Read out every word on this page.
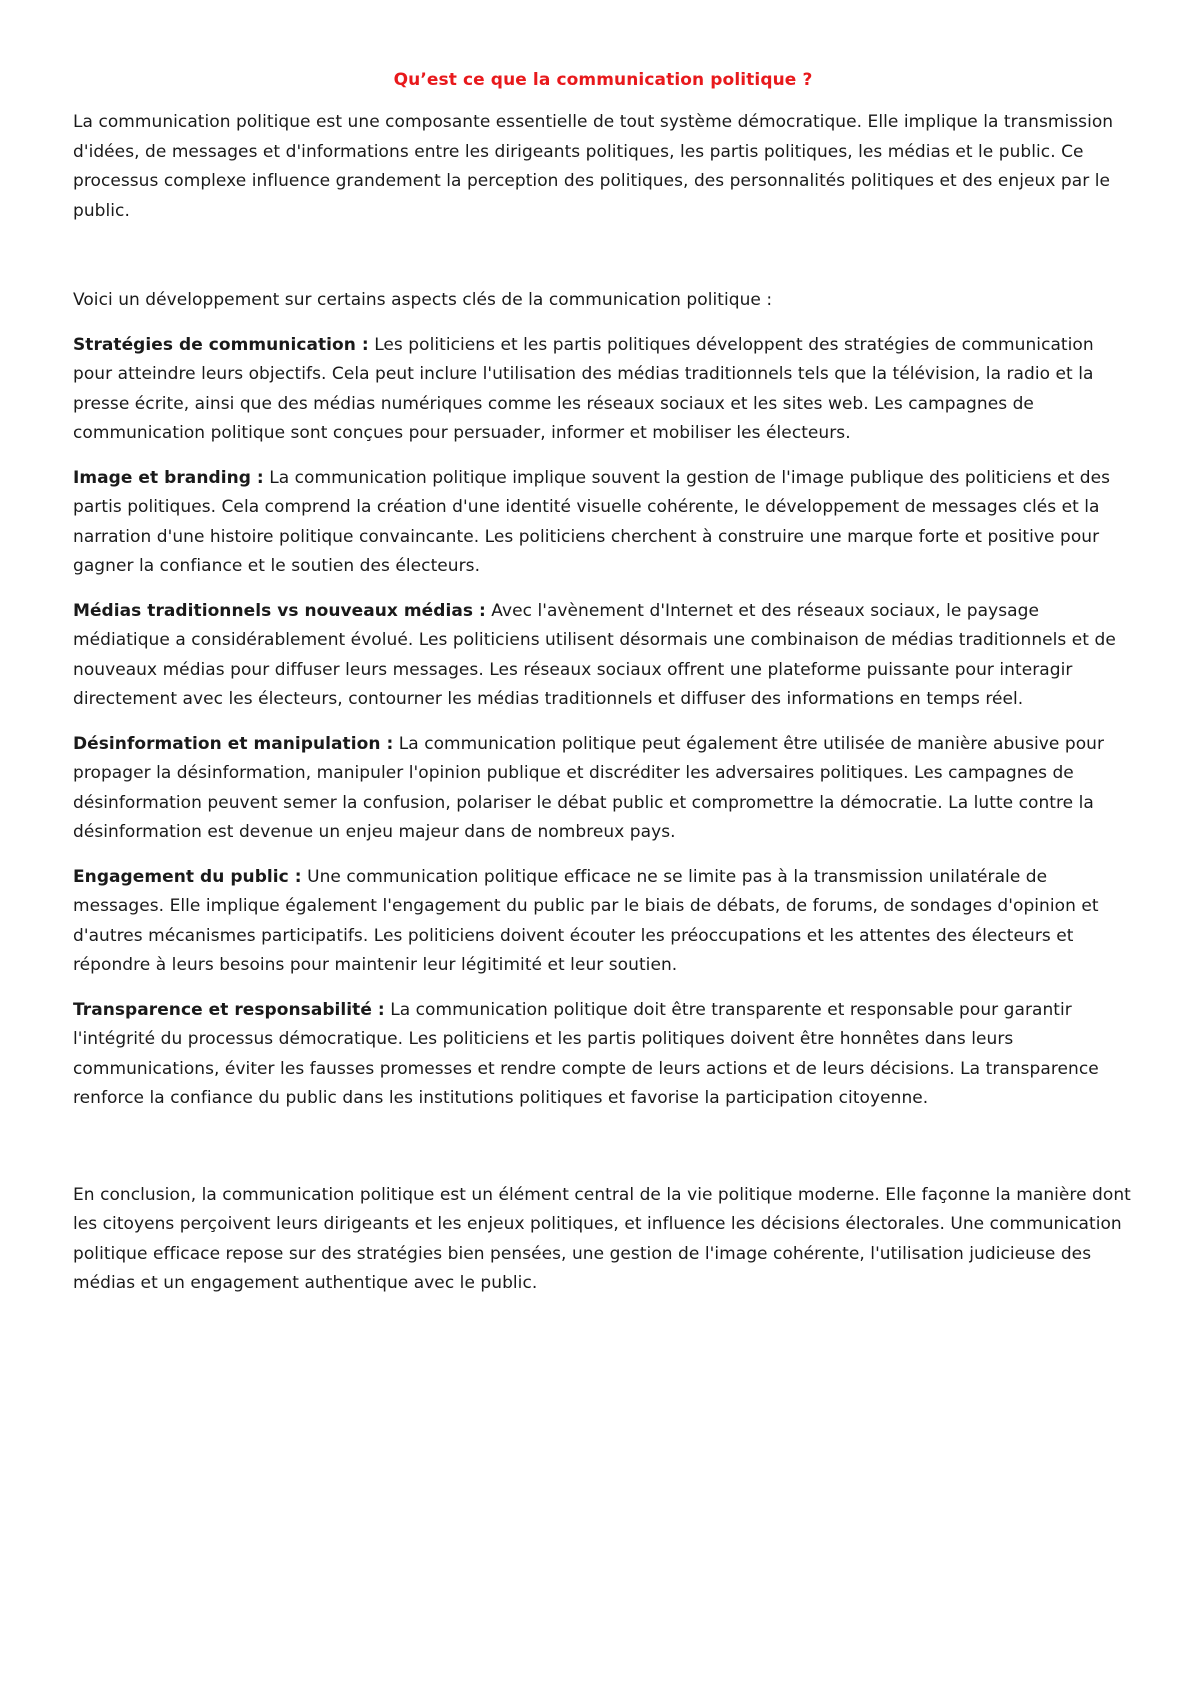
Qu’est ce que la communication politique ?

La communication politique est une composante essentielle de tout système démocratique. Elle implique la transmission d'idées, de messages et d'informations entre les dirigeants politiques, les partis politiques, les médias et le public. Ce processus complexe influence grandement la perception des politiques, des personnalités politiques et des enjeux par le public.

Voici un développement sur certains aspects clés de la communication politique :

Stratégies de communication : Les politiciens et les partis politiques développent des stratégies de communication pour atteindre leurs objectifs. Cela peut inclure l'utilisation des médias traditionnels tels que la télévision, la radio et la presse écrite, ainsi que des médias numériques comme les réseaux sociaux et les sites web. Les campagnes de communication politique sont conçues pour persuader, informer et mobiliser les électeurs.

Image et branding : La communication politique implique souvent la gestion de l'image publique des politiciens et des partis politiques. Cela comprend la création d'une identité visuelle cohérente, le développement de messages clés et la narration d'une histoire politique convaincante. Les politiciens cherchent à construire une marque forte et positive pour gagner la confiance et le soutien des électeurs.

Médias traditionnels vs nouveaux médias : Avec l'avènement d'Internet et des réseaux sociaux, le paysage médiatique a considérablement évolué. Les politiciens utilisent désormais une combinaison de médias traditionnels et de nouveaux médias pour diffuser leurs messages. Les réseaux sociaux offrent une plateforme puissante pour interagir directement avec les électeurs, contourner les médias traditionnels et diffuser des informations en temps réel.

Désinformation et manipulation : La communication politique peut également être utilisée de manière abusive pour propager la désinformation, manipuler l'opinion publique et discréditer les adversaires politiques. Les campagnes de désinformation peuvent semer la confusion, polariser le débat public et compromettre la démocratie. La lutte contre la désinformation est devenue un enjeu majeur dans de nombreux pays.

Engagement du public : Une communication politique efficace ne se limite pas à la transmission unilatérale de messages. Elle implique également l'engagement du public par le biais de débats, de forums, de sondages d'opinion et d'autres mécanismes participatifs. Les politiciens doivent écouter les préoccupations et les attentes des électeurs et répondre à leurs besoins pour maintenir leur légitimité et leur soutien.

Transparence et responsabilité : La communication politique doit être transparente et responsable pour garantir l'intégrité du processus démocratique. Les politiciens et les partis politiques doivent être honnêtes dans leurs communications, éviter les fausses promesses et rendre compte de leurs actions et de leurs décisions. La transparence renforce la confiance du public dans les institutions politiques et favorise la participation citoyenne.

En conclusion, la communication politique est un élément central de la vie politique moderne. Elle façonne la manière dont les citoyens perçoivent leurs dirigeants et les enjeux politiques, et influence les décisions électorales. Une communication politique efficace repose sur des stratégies bien pensées, une gestion de l'image cohérente, l'utilisation judicieuse des médias et un engagement authentique avec le public.
